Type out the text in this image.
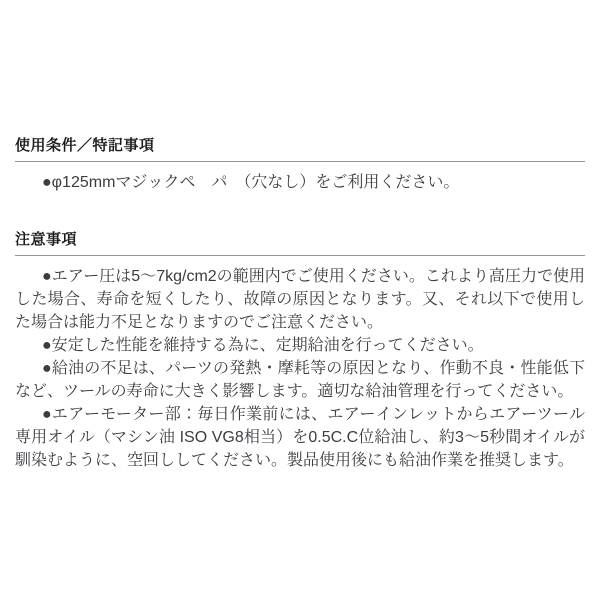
使用条件／特記事項

●φ125mmマジックペ　パ　（穴なし）をご利用ください。

注意事項

●エアー圧は5～7kg/cm2の範囲内でご使用ください。これより高圧力で使用した場合、寿命を短くしたり、故障の原因となります。又、それ以下で使用した場合は能力不足となりますのでご注意ください。

●安定した性能を維持する為に、定期給油を行ってください。

●給油の不足は、パーツの発熱・摩耗等の原因となり、作動不良・性能低下など、ツールの寿命に大きく影響します。適切な給油管理を行ってください。

●エアーモーター部：毎日作業前には、エアーインレットからエアーツール専用オイル（マシン油 ISO VG8相当）を0.5C.C位給油し、約3～5秒間オイルが馴染むように、空回ししてください。製品使用後にも給油作業を推奨します。
